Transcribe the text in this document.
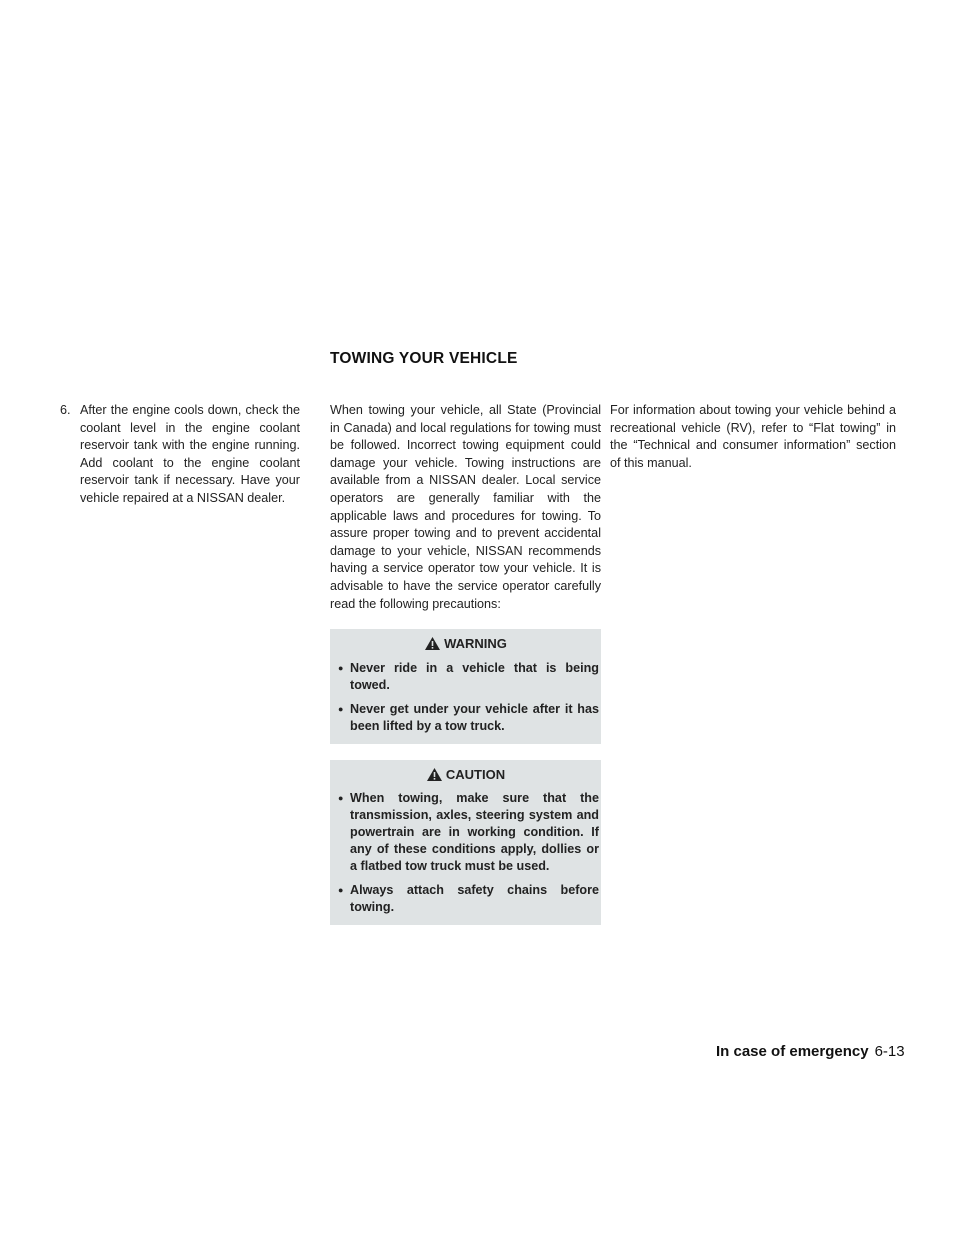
TOWING YOUR VEHICLE
6. After the engine cools down, check the coolant level in the engine coolant reservoir tank with the engine running. Add coolant to the engine coolant reservoir tank if necessary. Have your vehicle repaired at a NISSAN dealer.
When towing your vehicle, all State (Provincial in Canada) and local regulations for towing must be followed. Incorrect towing equipment could damage your vehicle. Towing instructions are available from a NISSAN dealer. Local service operators are generally familiar with the applicable laws and procedures for towing. To assure proper towing and to prevent accidental damage to your vehicle, NISSAN recommends having a service operator tow your vehicle. It is advisable to have the service operator carefully read the following precautions:
WARNING
● Never ride in a vehicle that is being towed.
● Never get under your vehicle after it has been lifted by a tow truck.
CAUTION
● When towing, make sure that the transmission, axles, steering system and powertrain are in working condition. If any of these conditions apply, dollies or a flatbed tow truck must be used.
● Always attach safety chains before towing.
For information about towing your vehicle behind a recreational vehicle (RV), refer to “Flat towing” in the “Technical and consumer information” section of this manual.
In case of emergency 6-13
